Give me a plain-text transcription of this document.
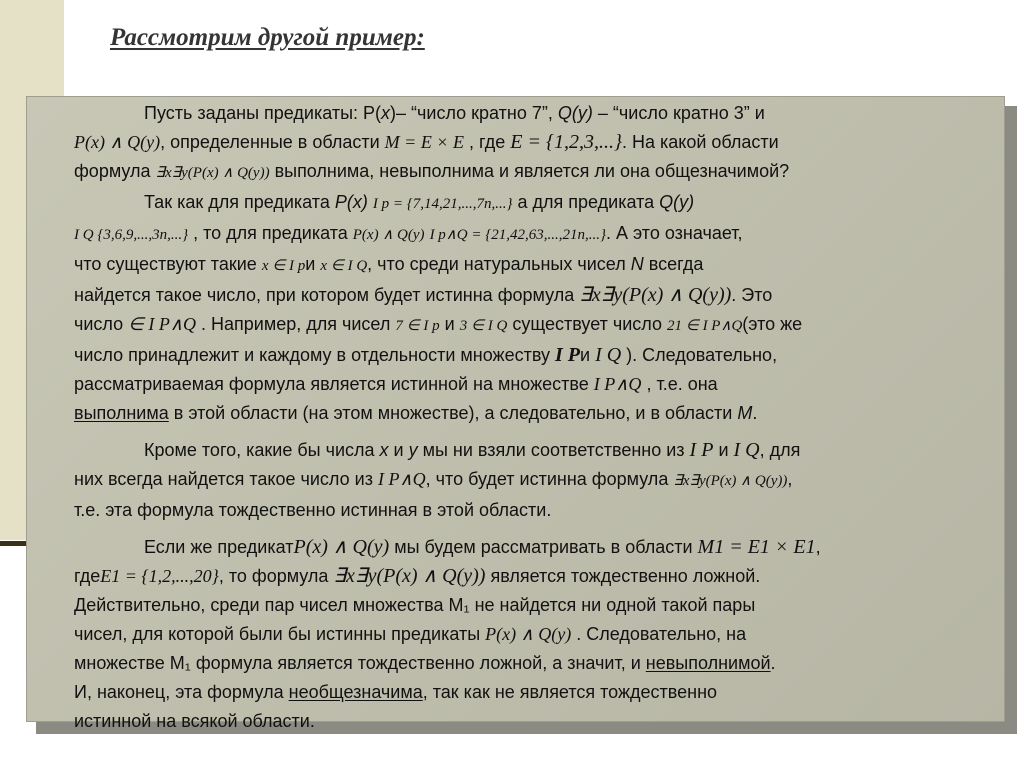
Рассмотрим другой пример:

Пусть заданы предикаты: P(x)– “число кратно 7”, Q(y) – “число кратно 3” и
P(x) ∧ Q(y), определенные в области M = E × E , где E = {1,2,3,...}. На какой области
формула ∃x∃y(P(x) ∧ Q(y)) выполнима, невыполнима и является ли она общезначимой?

Так как для предиката P(x) I p = {7,14,21,...,7n,...} а для предиката Q(y)
I Q {3,6,9,...,3n,...} , то для предиката P(x) ∧ Q(y) I p∧Q = {21,42,63,...,21n,...}. А это означает,
что существуют такие x ∈ I pи x ∈ I Q, что среди натуральных чисел N всегда
найдется такое число, при котором будет истинна формула ∃x∃y(P(x) ∧ Q(y)). Это
число ∈ I P∧Q . Например, для чисел 7 ∈ I p и 3 ∈ I Q существует число 21 ∈ I P∧Q(это же
число принадлежит и каждому в отдельности множеству I Pи I Q ). Следовательно,
рассматриваемая формула является истинной на множестве I P∧Q , т.е. она
выполнима в этой области (на этом множестве), а следовательно, и в области M.

Кроме того, какие бы числа x и y мы ни взяли соответственно из I P и I Q, для
них всегда найдется такое число из I P∧Q, что будет истинна формула ∃x∃y(P(x) ∧ Q(y)),
т.е. эта формула тождественно истинная в этой области.

Если же предикатP(x) ∧ Q(y) мы будем рассматривать в области M1 = E1 × E1,
гдеE1 = {1,2,...,20}, то формула ∃x∃y(P(x) ∧ Q(y)) является тождественно ложной.
Действительно, среди пар чисел множества М₁ не найдется ни одной такой пары
чисел, для которой были бы истинны предикаты P(x) ∧ Q(y) . Следовательно, на
множестве М₁ формула является тождественно ложной, а значит, и невыполнимой.
И, наконец, эта формула необщезначима, так как не является тождественно
истинной на всякой области.
